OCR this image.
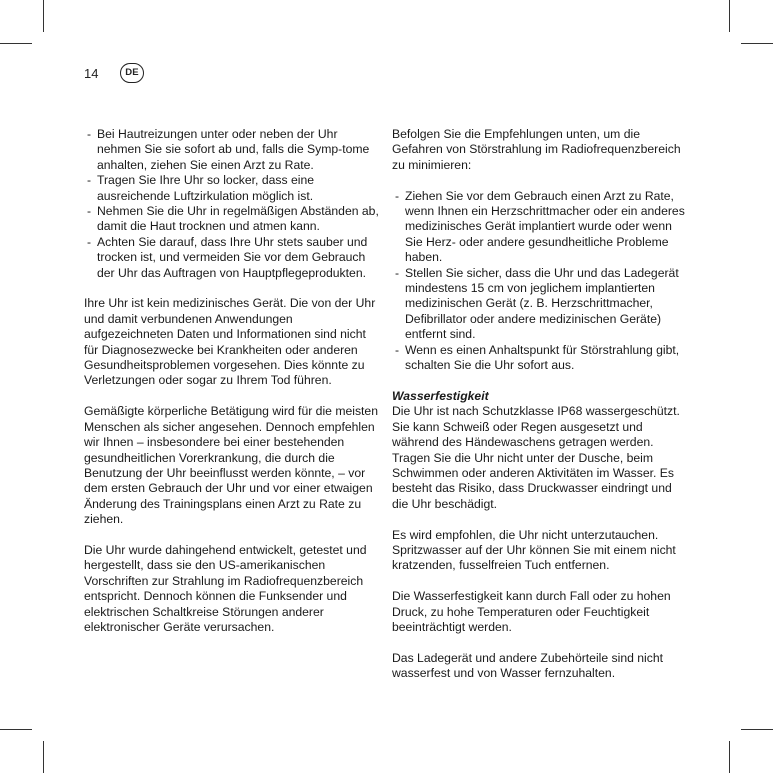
14	DE
- Bei Hautreizungen unter oder neben der Uhr nehmen Sie sie sofort ab und, falls die Symp-tome anhalten, ziehen Sie einen Arzt zu Rate.
- Tragen Sie Ihre Uhr so locker, dass eine ausreichende Luftzirkulation möglich ist.
- Nehmen Sie die Uhr in regelmäßigen Abständen ab, damit die Haut trocknen und atmen kann.
- Achten Sie darauf, dass Ihre Uhr stets sauber und trocken ist, und vermeiden Sie vor dem Gebrauch der Uhr das Auftragen von Hauptpflegeprodukten.

Ihre Uhr ist kein medizinisches Gerät. Die von der Uhr und damit verbundenen Anwendungen aufgezeichneten Daten und Informationen sind nicht für Diagnosezwecke bei Krankheiten oder anderen Gesundheitsproblemen vorgesehen. Dies könnte zu Verletzungen oder sogar zu Ihrem Tod führen.

Gemäßigte körperliche Betätigung wird für die meisten Menschen als sicher angesehen. Dennoch empfehlen wir Ihnen – insbesondere bei einer bestehenden gesundheitlichen Vorerkrankung, die durch die Benutzung der Uhr beeinflusst werden könnte, – vor dem ersten Gebrauch der Uhr und vor einer etwaigen Änderung des Trainingsplans einen Arzt zu Rate zu ziehen.

Die Uhr wurde dahingehend entwickelt, getestet und hergestellt, dass sie den US-amerikanischen Vorschriften zur Strahlung im Radiofrequenzbereich entspricht. Dennoch können die Funksender und elektrischen Schaltkreise Störungen anderer elektronischer Geräte verursachen.

Befolgen Sie die Empfehlungen unten, um die Gefahren von Störstrahlung im Radiofrequenzbereich zu minimieren:

- Ziehen Sie vor dem Gebrauch einen Arzt zu Rate, wenn Ihnen ein Herzschrittmacher oder ein anderes medizinisches Gerät implantiert wurde oder wenn Sie Herz- oder andere gesundheitliche Probleme haben.
- Stellen Sie sicher, dass die Uhr und das Ladegerät mindestens 15 cm von jeglichem implantierten medizinischen Gerät (z. B. Herzschrittmacher, Defibrillator oder andere medizinischen Geräte) entfernt sind.
- Wenn es einen Anhaltspunkt für Störstrahlung gibt, schalten Sie die Uhr sofort aus.

Wasserfestigkeit

Die Uhr ist nach Schutzklasse IP68 wassergeschützt. Sie kann Schweiß oder Regen ausgesetzt und während des Händewaschens getragen werden. Tragen Sie die Uhr nicht unter der Dusche, beim Schwimmen oder anderen Aktivitäten im Wasser. Es besteht das Risiko, dass Druckwasser eindringt und die Uhr beschädigt.

Es wird empfohlen, die Uhr nicht unterzutauchen. Spritzwasser auf der Uhr können Sie mit einem nicht kratzenden, fusselfreien Tuch entfernen.

Die Wasserfestigkeit kann durch Fall oder zu hohen Druck, zu hohe Temperaturen oder Feuchtigkeit beeinträchtigt werden.

Das Ladegerät und andere Zubehörteile sind nicht wasserfest und von Wasser fernzuhalten.
